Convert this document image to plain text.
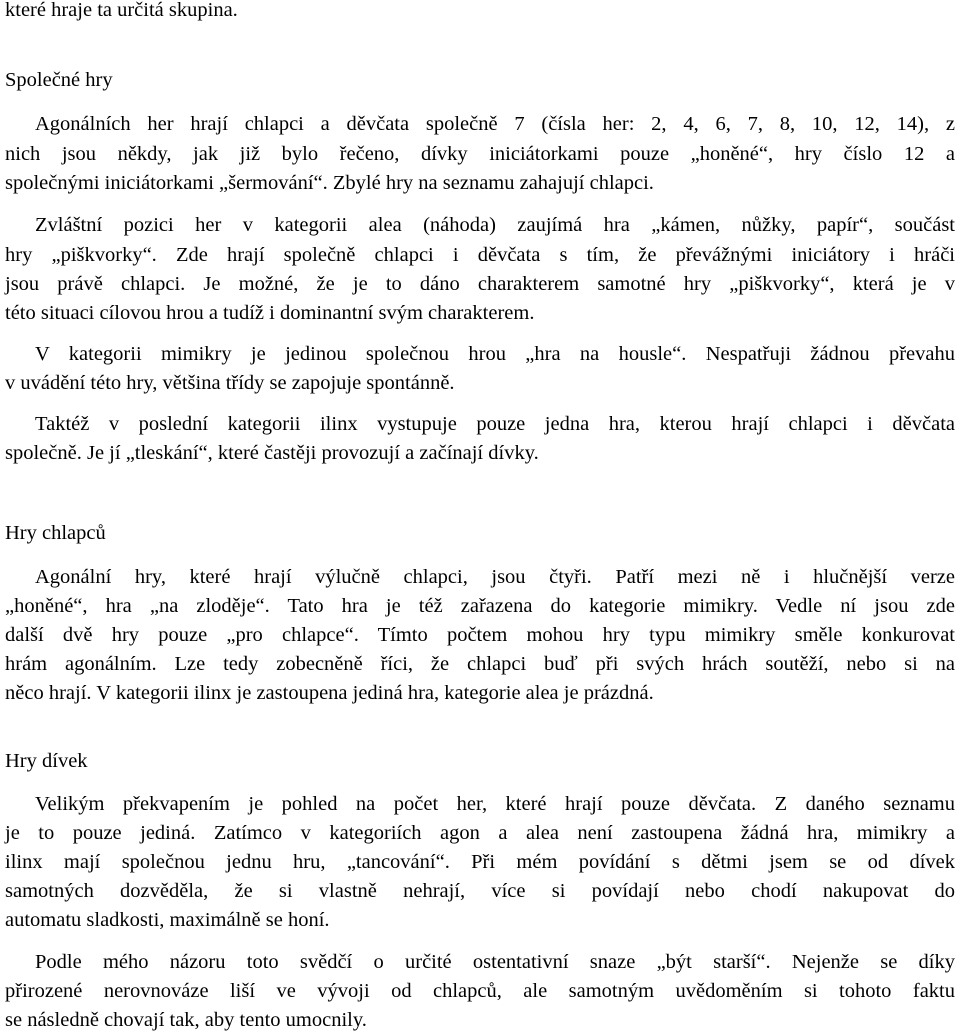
které hraje ta určitá skupina.

Společné hry

Agonálních her hrají chlapci a děvčata společně 7 (čísla her: 2, 4, 6, 7, 8, 10, 12, 14), z

nich jsou někdy, jak již bylo řečeno, dívky iniciátorkami pouze „honěné“, hry číslo 12 a

společnými iniciátorkami „šermování“. Zbylé hry na seznamu zahajují chlapci.

Zvláštní pozici her v kategorii alea (náhoda) zaujímá hra „kámen, nůžky, papír“, součást

hry „piškvorky“. Zde hrají společně chlapci i děvčata s tím, že převážnými iniciátory i hráči

jsou právě chlapci. Je možné, že je to dáno charakterem samotné hry „piškvorky“, která je v

této situaci cílovou hrou a tudíž i dominantní svým charakterem.

V kategorii mimikry je jedinou společnou hrou „hra na housle“. Nespatřuji žádnou převahu

v uvádění této hry, většina třídy se zapojuje spontánně.

Taktéž v poslední kategorii ilinx vystupuje pouze jedna hra, kterou hrají chlapci i děvčata

společně. Je jí „tleskání“, které častěji provozují a začínají dívky.

Hry chlapců

Agonální hry, které hrají výlučně chlapci, jsou čtyři. Patří mezi ně i hlučnější verze

„honěné“, hra „na zloděje“. Tato hra je též zařazena do kategorie mimikry. Vedle ní jsou zde

další dvě hry pouze „pro chlapce“. Tímto počtem mohou hry typu mimikry směle konkurovat

hrám agonálním. Lze tedy zobecněně říci, že chlapci buď při svých hrách soutěží, nebo si na

něco hrají. V kategorii ilinx je zastoupena jediná hra, kategorie alea je prázdná.

Hry dívek

Velikým překvapením je pohled na počet her, které hrají pouze děvčata. Z daného seznamu

je to pouze jediná. Zatímco v kategoriích agon a alea není zastoupena žádná hra, mimikry a

ilinx mají společnou jednu hru, „tancování“. Při mém povídání s dětmi jsem se od dívek

samotných dozvěděla, že si vlastně nehrají, více si povídají nebo chodí nakupovat do

automatu sladkosti, maximálně se honí.

Podle mého názoru toto svědčí o určité ostentativní snaze „být starší“. Nejenže se díky

přirozené nerovnováze liší ve vývoji od chlapců, ale samotným uvědoměním si tohoto faktu

se následně chovají tak, aby tento umocnily.
